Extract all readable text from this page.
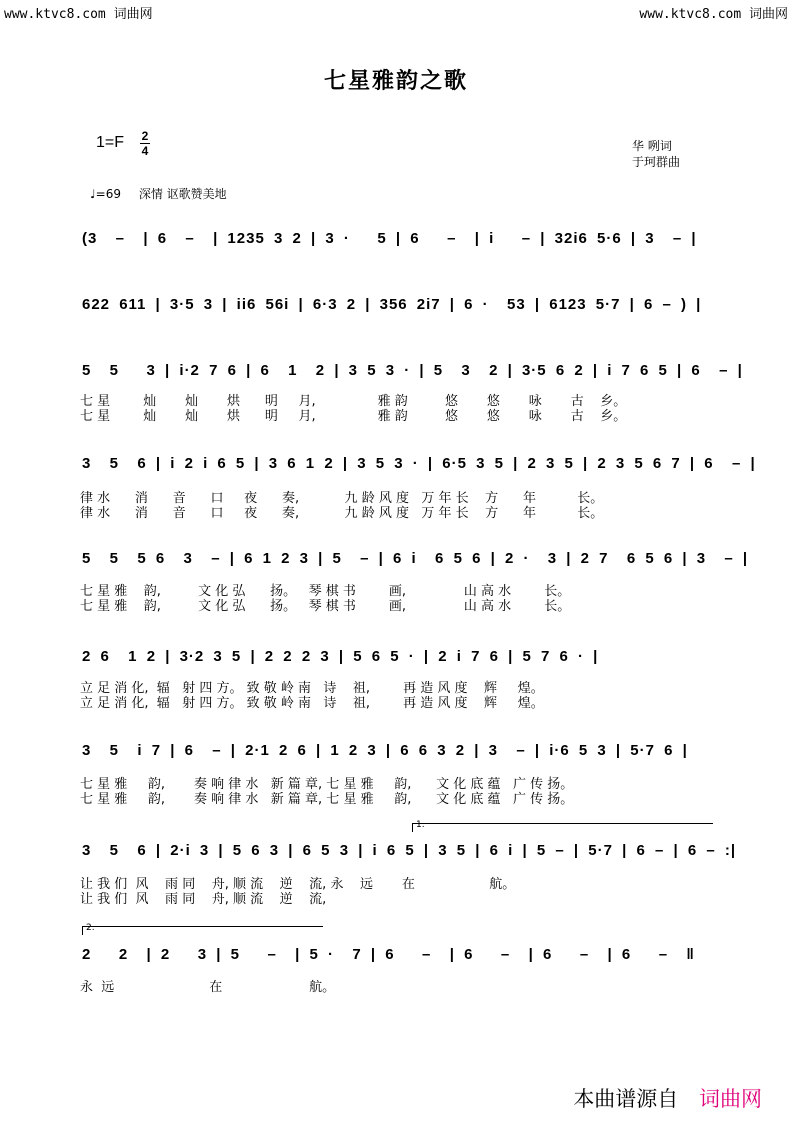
www.ktvc8.com 词曲网	www.ktvc8.com 词曲网
七星雅韵之歌
1=F 2
4	华 咧词
于珂群曲
♩=69 深情 讴歌赞美地
(3  –  | 6  –  | 1235 3 2 | 3 ·   5 | 6   –  | i   – | 32i6 5·6 | 3  – |
622 611 | 3·5 3 | ii6 56i | 6·3 2 | 356 2i7 | 6 ·  53 | 6123 5·7 | 6 – ) |
5  5   3 | i·2 7 6 | 6  1  2 | 3 5 3 · | 5  3  2 | 3·5 6 2 | i 7 6 5 | 6  – |
七 星        灿       灿       烘      明     月,               雅 韵         悠       悠       咏       古    乡。
七 星        灿       灿       烘      明     月,               雅 韵         悠       悠       咏       古    乡。
3  5  6 | i 2 i 6 5 | 3 6 1 2 | 3 5 3 · | 6·5 3 5 | 2 3 5 | 2 3 5 6 7 | 6  – |
律 水      消      音      口     夜      奏,           九 龄 风 度   万 年 长    方      年          长。
律 水      消      音      口     夜      奏,           九 龄 风 度   万 年 长    方      年          长。
5  5  5 6  3  – | 6 1 2 3 | 5  – | 6 i  6 5 6 | 2 ·  3 | 2 7  6 5 6 | 3  – |
七 星 雅    韵,         文 化 弘      扬。   琴 棋 书        画,              山 高 水        长。
七 星 雅    韵,         文 化 弘      扬。   琴 棋 书        画,              山 高 水        长。
2 6  1 2 | 3·2 3 5 | 2 2 2 3 | 5 6 5 · | 2 i 7 6 | 5 7 6 · |
立 足 消 化,  辐   射 四 方。 致 敬 岭 南   诗    祖,        再 造 风 度    辉     煌。
立 足 消 化,  辐   射 四 方。 致 敬 岭 南   诗    祖,        再 造 风 度    辉     煌。
3  5  i 7 | 6  – | 2·1 2 6 | 1 2 3 | 6 6 3 2 | 3  – | i·6 5 3 | 5·7 6 |
七 星 雅     韵,       奏 响 律 水   新 篇 章, 七 星 雅     韵,      文 化 底 蕴   广 传 扬。
七 星 雅     韵,       奏 响 律 水   新 篇 章, 七 星 雅     韵,      文 化 底 蕴   广 传 扬。
1.
3  5  6 | 2·i 3 | 5 6 3 | 6 5 3 | i 6 5 | 3 5 | 6 i | 5 – | 5·7 | 6 – | 6 – :|
让 我 们  风    雨 同    舟, 顺 流    逆    流, 永    远       在                  航。
让 我 们  风    雨 同    舟, 顺 流    逆    流,
2.
2   2  | 2   3 | 5   –  | 5 ·  7 | 6   –  | 6   –  | 6   –  | 6   –  ‖
永  远                       在                     航。
本曲谱源自 词曲网
